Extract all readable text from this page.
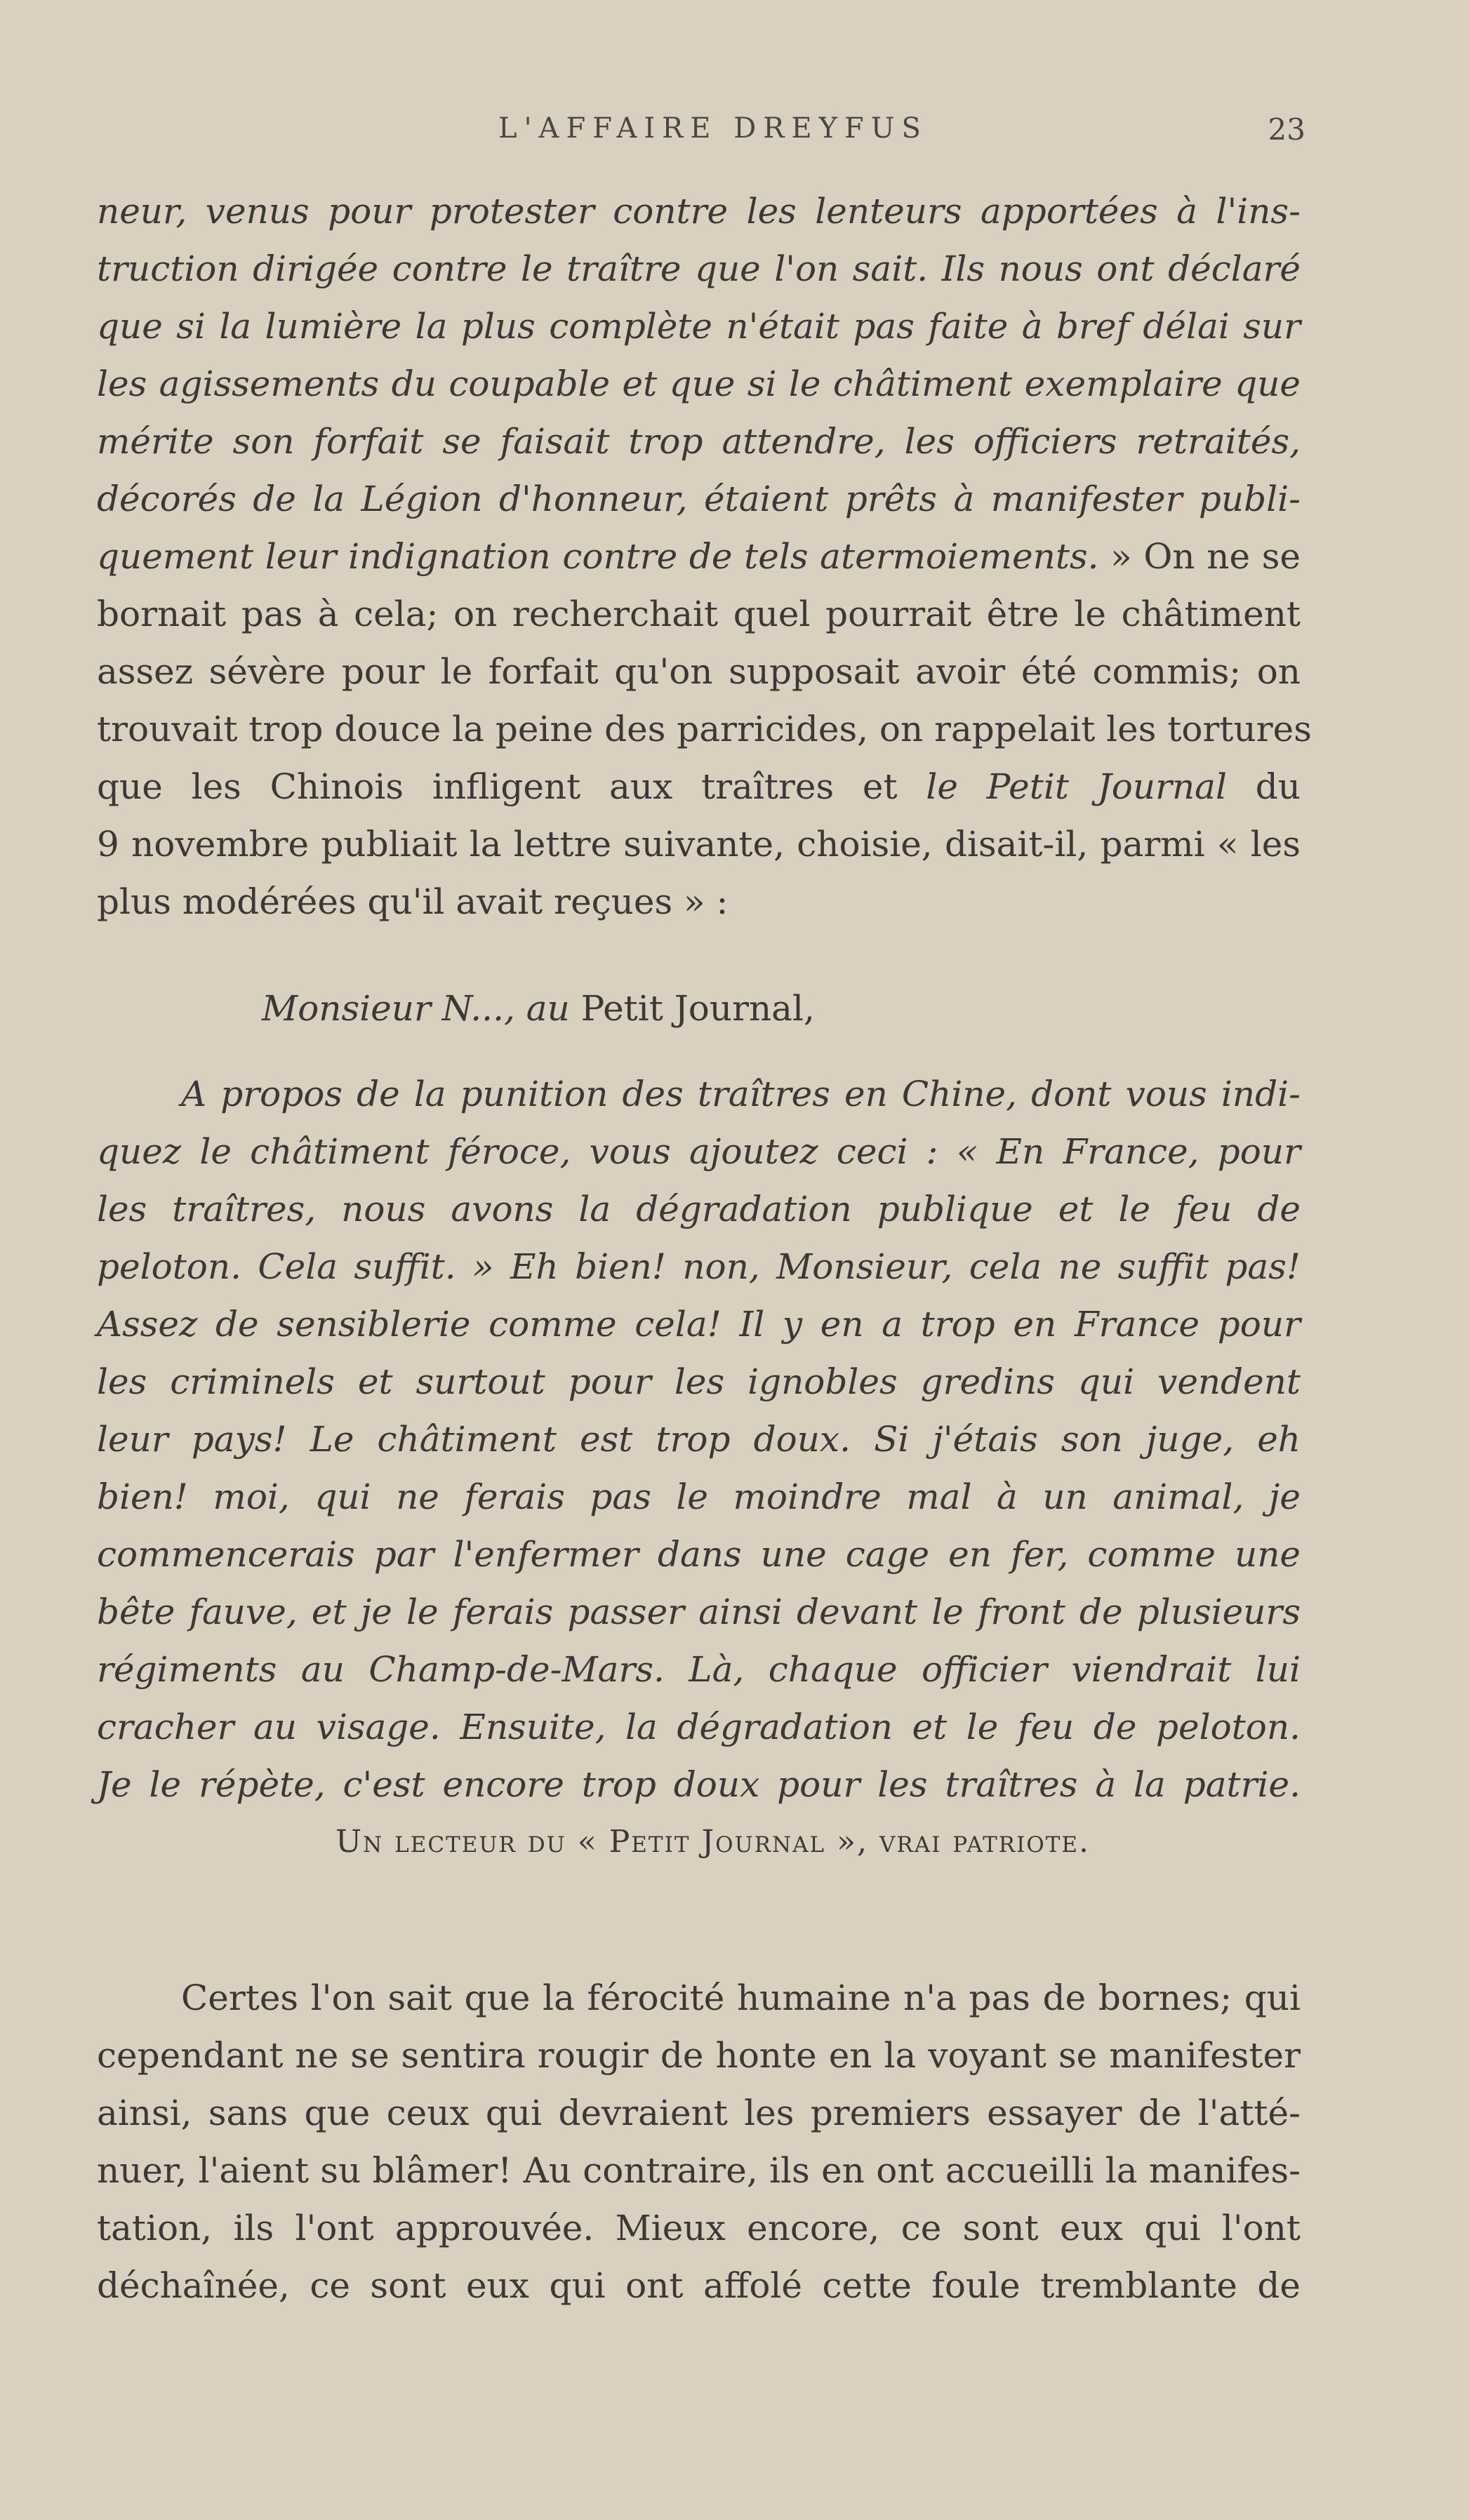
L'AFFAIRE DREYFUS	23
neur, venus pour protester contre les lenteurs apportées à l'ins-
truction dirigée contre le traître que l'on sait. Ils nous ont déclaré
que si la lumière la plus complète n'était pas faite à bref délai sur
les agissements du coupable et que si le châtiment exemplaire que
mérite son forfait se faisait trop attendre, les officiers retraités,
décorés de la Légion d'honneur, étaient prêts à manifester publi-
quement leur indignation contre de tels atermoiements. » On ne se
bornait pas à cela; on recherchait quel pourrait être le châtiment
assez sévère pour le forfait qu'on supposait avoir été commis; on
trouvait trop douce la peine des parricides, on rappelait les tortures
que les Chinois infligent aux traîtres et le Petit Journal du
9 novembre publiait la lettre suivante, choisie, disait-il, parmi « les
plus modérées qu'il avait reçues » :
Monsieur N..., au Petit Journal,
A propos de la punition des traîtres en Chine, dont vous indi-
quez le châtiment féroce, vous ajoutez ceci : « En France, pour
les traîtres, nous avons la dégradation publique et le feu de
peloton. Cela suffit. » Eh bien! non, Monsieur, cela ne suffit pas!
Assez de sensiblerie comme cela! Il y en a trop en France pour
les criminels et surtout pour les ignobles gredins qui vendent
leur pays! Le châtiment est trop doux. Si j'étais son juge, eh
bien! moi, qui ne ferais pas le moindre mal à un animal, je
commencerais par l'enfermer dans une cage en fer, comme une
bête fauve, et je le ferais passer ainsi devant le front de plusieurs
régiments au Champ-de-Mars. Là, chaque officier viendrait lui
cracher au visage. Ensuite, la dégradation et le feu de peloton.
Je le répète, c'est encore trop doux pour les traîtres à la patrie.
Un lecteur du « Petit Journal », vrai patriote.
Certes l'on sait que la férocité humaine n'a pas de bornes; qui
cependant ne se sentira rougir de honte en la voyant se manifester
ainsi, sans que ceux qui devraient les premiers essayer de l'atté-
nuer, l'aient su blâmer! Au contraire, ils en ont accueilli la manifes-
tation, ils l'ont approuvée. Mieux encore, ce sont eux qui l'ont
déchaînée, ce sont eux qui ont affolé cette foule tremblante de
